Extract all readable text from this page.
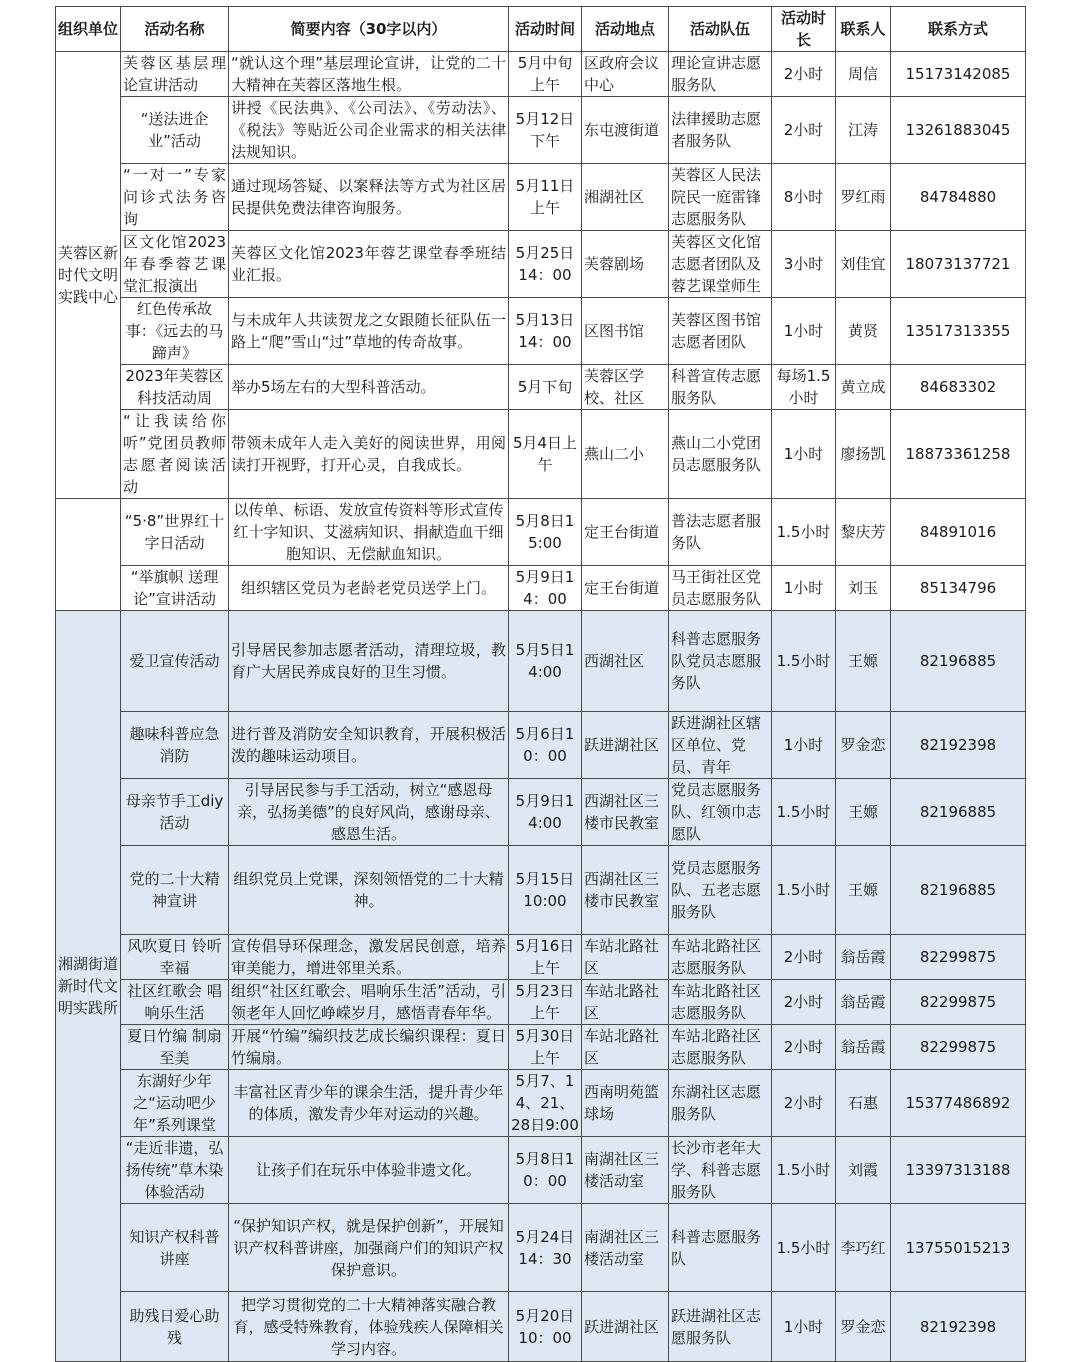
组织单位	活动名称	简要内容（30字以内）	活动时间	活动地点	活动队伍	活动时长	联系人	联系方式
芙蓉区新时代文明实践中心	芙蓉区基层理论宣讲活动	“就认这个理”基层理论宣讲，让党的二十大精神在芙蓉区落地生根。	5月中旬上午	区政府会议中心	理论宣讲志愿服务队	2小时	周信	15173142085
	“送法进企业”活动	讲授《民法典》、《公司法》、《劳动法》、《税法》等贴近公司企业需求的相关法律法规知识。	5月12日下午	东屯渡街道	法律援助志愿者服务队	2小时	江涛	13261883045
	“一对一”专家问诊式法务咨询	通过现场答疑、以案释法等方式为社区居民提供免费法律咨询服务。	5月11日上午	湘湖社区	芙蓉区人民法院民一庭雷锋志愿服务队	8小时	罗红雨	84784880
	区文化馆2023年春季蓉艺课堂汇报演出	芙蓉区文化馆2023年蓉艺课堂春季班结业汇报。	5月25日14：00	芙蓉剧场	芙蓉区文化馆志愿者团队及蓉艺课堂师生	3小时	刘佳宜	18073137721
	红色传承故事：《远去的马蹄声》	与未成年人共读贺龙之女跟随长征队伍一路上“爬”雪山“过”草地的传奇故事。	5月13日14：00	区图书馆	芙蓉区图书馆志愿者团队	1小时	黄贤	13517313355
	2023年芙蓉区科技活动周	举办5场左右的大型科普活动。	5月下旬	芙蓉区学校、社区	科普宣传志愿服务队	每场1.5小时	黄立成	84683302
	“让我读给你听”党团员教师志愿者阅读活动	带领未成年人走入美好的阅读世界，用阅读打开视野，打开心灵，自我成长。	5月4日上午	燕山二小	燕山二小党团员志愿服务队	1小时	廖扬凯	18873361258
	“5·8”世界红十字日活动	以传单、标语、发放宣传资料等形式宣传红十字知识、艾滋病知识、捐献造血干细胞知识、无偿献血知识。	5月8日15:00	定王台街道	普法志愿者服务队	1.5小时	黎庆芳	84891016
	“举旗帜 送理论”宣讲活动	组织辖区党员为老龄老党员送学上门。	5月9日14：00	定王台街道	马王街社区党员志愿服务队	1小时	刘玉	85134796
湘湖街道新时代文明实践所	爱卫宣传活动	引导居民参加志愿者活动，清理垃圾，教育广大居民养成良好的卫生习惯。	5月5日14:00	西湖社区	科普志愿服务队党员志愿服务队	1.5小时	王嫄	82196885
	趣味科普应急消防	进行普及消防安全知识教育，开展积极活泼的趣味运动项目。	5月6日10：00	跃进湖社区	跃进湖社区辖区单位、党员、青年	1小时	罗金恋	82192398
	母亲节手工diy活动	引导居民参与手工活动，树立“感恩母亲，弘扬美德”的良好风尚，感谢母亲、感恩生活。	5月9日14:00	西湖社区三楼市民教室	党员志愿服务队、红领巾志愿队	1.5小时	王嫄	82196885
	党的二十大精神宣讲	组织党员上党课，深刻领悟党的二十大精神。	5月15日10:00	西湖社区三楼市民教室	党员志愿服务队、五老志愿服务队	1.5小时	王嫄	82196885
	风吹夏日 铃听幸福	宣传倡导环保理念，激发居民创意，培养审美能力，增进邻里关系。	5月16日上午	车站北路社区	车站北路社区志愿服务队	2小时	翁岳霞	82299875
	社区红歌会 唱响乐生活	组织“社区红歌会、唱响乐生活”活动，引领老年人回忆峥嵘岁月，感悟青春年华。	5月23日上午	车站北路社区	车站北路社区志愿服务队	2小时	翁岳霞	82299875
	夏日竹编 制扇至美	开展“竹编”编织技艺成长编织课程：夏日竹编扇。	5月30日上午	车站北路社区	车站北路社区志愿服务队	2小时	翁岳霞	82299875
	东湖好少年之“运动吧少年”系列课堂	丰富社区青少年的课余生活，提升青少年的体质，激发青少年对运动的兴趣。	5月7、14、21、28日9:00	西南明苑篮球场	东湖社区志愿服务队	2小时	石惠	15377486892
	“走近非遗，弘扬传统”草木染体验活动	让孩子们在玩乐中体验非遗文化。	5月8日10：00	南湖社区三楼活动室	长沙市老年大学、科普志愿服务队	1.5小时	刘霞	13397313188
	知识产权科普讲座	“保护知识产权，就是保护创新”，开展知识产权科普讲座，加强商户们的知识产权保护意识。	5月24日14：30	南湖社区三楼活动室	科普志愿服务队	1.5小时	李巧红	13755015213
	助残日爱心助残	把学习贯彻党的二十大精神落实融合教育，感受特殊教育，体验残疾人保障相关学习内容。	5月20日10：00	跃进湖社区	跃进湖社区志愿服务队	1小时	罗金恋	82192398
